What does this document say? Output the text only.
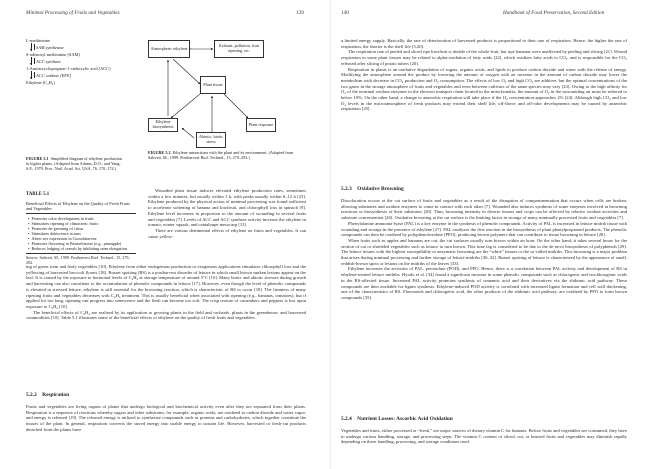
Minimal Processing of Fruits and Vegetables	139
L-methionine
SAM synthetase
S-adenosyl methionine (SAM)
ACC synthase
1-Aminocyclopropane-1-carboxylic acid (ACC)
ACC oxidase (EFE)
Ethylene (C₂H₄)
FIGURE 5.1 Simplified diagram of ethylene production in higher plants. (Adapted from Adams, D.O., and Yang, S.F., 1979. Proc. Natl. Acad. Sci. USA, 76, 170–174.)
Atmospheric ethylene	Exhaust, pollution, fruit ripening, etc.
Plant tissue
Ethylene biosynthesis	Plant response
Abiotic, biotic stress
FIGURE 5.2 Ethylene interactions with the plant and its environment. (Adapted from Saltveit, M., 1999. Postharvest Biol. Technol., 15, 279–292.)
TABLE 5.1
Beneficial Effects of Ethylene on the Quality of Fresh Fruits and Vegetables
• Promotes color development in fruits
• Stimulates ripening of climacteric fruits
• Promotes de-greening of citrus
• Stimulates dehiscence in nuts
• Alters sex expression in Cucurbitaceae
• Promotes flowering in Bromeliaceae (e.g., pineapple)
• Reduces lodging of cereals by inhibiting stem elongation
Source: Saltveit, M., 1999. Postharvest Biol. Technol., 15, 279–292.

Wounded plant tissue induces elevated ethylene production rates, sometimes within a few minutes, but usually within 1 h, with peaks usually within 6–12 h [23]. Ethylene produced by the physical action of minimal processing was found sufficient to accelerate softening of banana and kiwifruit, and chlorophyll loss in spinach [9]. Ethylene level increases in proportion to the amount of wounding in several fruits and vegetables [7]. Levels of ACC and ACC synthase activity increase the ethylene in tomato, winter squash, and cantaloupe mesocarp [13].

There are various detrimental effects of ethylene on fruits and vegetables. It can cause yellow-

ing of green stem and leafy vegetables [10]. Ethylene from either endogenous production or exogenous applications stimulates chlorophyll loss and the yellowing of harvested broccoli florets [18]. Russet spotting (RS) is a postharvest disorder of lettuce in which small brown sunken lesions appear on the leaf. It is caused by the exposure to hormonal levels of C₂H₄ at storage temperature of around 5°C [10]. Many biotic and abiotic stresses during growth and harvesting can also contribute to the accumulation of phenolic compounds in lettuce [17]. However, even though the level of phenolic compounds is elevated in stressed lettuce, ethylene is still essential for the browning reaction, which is characteristic of RS to occur [18]. The firmness of many ripening fruits and vegetables decreases with C₂H₄ treatment. This is usually beneficial when associated with ripening (e.g., bananas, tomatoes), but if applied for too long, ripening can progress into senescence and the flesh can become too soft. The crisp texture of cucumbers and peppers is lost upon exposure to C₂H₄ [10].

The beneficial effects of C₂H₄ are realized by its application to growing plants in the field and orchards, plants in the greenhouse, and harvested commodities [10]. Table 5.1 illustrates some of the beneficial effects of ethylene on the quality of fresh fruits and vegetables.

5.2.2 Respiration

Fruits and vegetables are living organs of plants that undergo biological and biochemical activity even after they are separated from their plants. Respiration is a sequence of reactions whereby sugars and other substrates, for example, organic acids, are oxidized to carbon dioxide and water vapor, and energy is released [19]. The released energy is utilized to synthesize compounds such as proteins and carbohydrates, which together constitute the tissues of the plant. In general, respiration converts the stored energy into usable energy to sustain life. However, harvested or fresh-cut products detached from the plants have

140	Handbook of Food Preservation, Second Edition

a limited energy supply. Basically, the rate of deterioration of harvested products is proportional to their rate of respiration. Hence, the higher the rate of respiration, the shorter is the shelf life [5,20].

The respiration rate of peeled and sliced ripe kiwifruit is double of the whole fruit, but ripe bananas were unaffected by peeling and slicing [21]. Wound respiration in some plant tissues may be related to alpha-oxidation of fatty acids [22], which oxidizes fatty acids to CO₂, and is responsible for the CO₂ released after slicing of potato tubers [20].

Respiration in plants is an oxidative degradation of sugars, organic acids, and lipids to produce carbon dioxide and water with the release of energy. Modifying the atmosphere around the product by lowering the amount of oxygen with an increase in the amount of carbon dioxide may lower the metabolism with decrease in CO₂ production and O₂ consumption. The effects of low O₂ and high CO₂ are additive, but the optimal concentrations of the two gases in the storage atmosphere of fruits and vegetables and even between cultivars of the same species may vary [23]. Owing to the high affinity for O₂ of the terminal oxidase enzymes in the electron transport chain located in the mitochondria, the amount of O₂ in the surrounding air must be reduced to below 10%. On the other hand, a change to anaerobic respiration will take place if the O₂ concentration approaches 2% [24]. Although high CO₂ and low O₂ levels in the microatmosphere of fresh products may extend their shelf life, off-flavor and off-odor developments may be caused by anaerobic respiration [25].

5.2.3 Oxidative Browning

Discoloration occurs at the cut surface of fruits and vegetables as a result of the disruption of compartmentation that occurs when cells are broken, allowing substrates and oxidase enzymes to come in contact with each other [7]. Wounded also induces synthesis of some enzymes involved in browning reactions or biosynthesis of their substrates [20]. Thus, browning intensity in diverse tissues and crops can be affected by relative oxidase activities and substrate concentration [26]. Oxidative browning at the cut surface is the limiting factor in storage of many minimally processed fruits and vegetables [7].

Phenylalanine ammonia-lyase (PAL) is a key enzyme in the synthesis of phenolic compounds. Activity of PAL is increased in lettuce midrib tissue with wounding and storage in the presence of ethylene [27]. PAL catalyzes the first reaction in the biosynthesis of plant phenylpropanoid products. The phenolic compounds can then be oxidized by polyphenoloxidase (PPO), producing brown polymers that can contribute to tissue browning in lettuce [28].

When fruits such as apples and bananas are cut, the cut surfaces usually turn brown within an hour. On the other hand, it takes several hours for the section of cut or shredded vegetables such as lettuce to turn brown. This time lag is considered to be due to the de novo biosynthesis of polyphenols [29]. The lettuce tissues with the highest susceptibility to enzymatic browning are the “white” tissues or the so-called midribs. This browning is a major problem that arises during minimal processing and further storage of lettuce midribs [30–32]. Russet spotting of lettuce is characterized by the appearance of small, reddish-brown spots or lesions on the midribs of the leaves [33].

Ethylene increases the activities of PAL, peroxidase (POD), and PPO. Hence, there is a correlation between PAL activity and development of RS in ethylene-treated lettuce midribs. Hyodo et al. [34] found a significant increase in some phenolic compounds such as chlorogenic and isochlorogenic acids in the RS-affected tissue. Increased PAL activity promotes synthesis of cinnamic acid and their derivatives via the shikimic acid pathway. These compounds are then available for lignin synthesis. Ethylene-induced POD activity is correlated with increased lignin formation and cell wall thickening, one of the characteristics of RS. Flavonoids and chlorogenic acid, the other products of the shikimic acid pathway, are oxidized by PPO to form brown compounds [35].

5.2.4 Nutrient Losses: Ascorbic Acid Oxidation

Vegetables and fruits, either processed or “fresh,” are major sources of dietary vitamin C for humans. Before fruits and vegetables are consumed, they have to undergo various handling, storage, and processing steps. The vitamin C content of sliced, cut, or bruised fruits and vegetables may diminish rapidly depending on these handling, processing, and storage conditions used.
